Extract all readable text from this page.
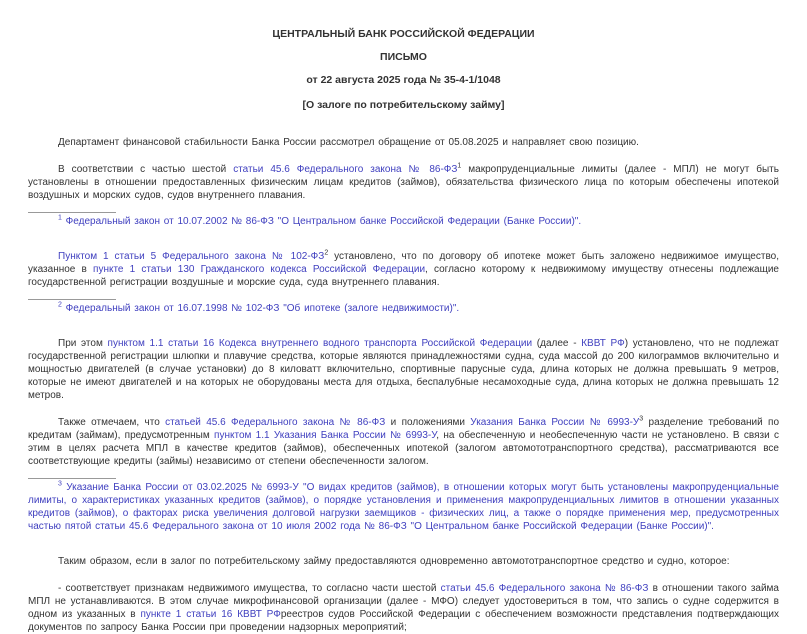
ЦЕНТРАЛЬНЫЙ БАНК РОССИЙСКОЙ ФЕДЕРАЦИИ
ПИСЬМО
от 22 августа 2025 года № 35-4-1/1048
[О залоге по потребительскому займу]

Департамент финансовой стабильности Банка России рассмотрел обращение от 05.08.2025 и направляет свою позицию.

В соответствии с частью шестой статьи 45.6 Федерального закона № $86-ФЗ^1$ макропруденциальные лимиты (далее - МПЛ) не могут быть установлены в отношении предоставленных физическим лицам кредитов (займов), обязательства физического лица по которым обеспечены ипотекой воздушных и морских судов, судов внутреннего плавания.

$^1$ Федеральный закон от 10.07.2002 № 86-ФЗ "О Центральном банке Российской Федерации (Банке России)".

Пунктом 1 статьи 5 Федерального закона № $102-ФЗ^2$ установлено, что по договору об ипотеке может быть заложено недвижимое имущество, указанное в пункте 1 статьи 130 Гражданского кодекса Российской Федерации, согласно которому к недвижимому имуществу отнесены подлежащие государственной регистрации воздушные и морские суда, суда внутреннего плавания.

$^2$ Федеральный закон от 16.07.1998 № 102-ФЗ "Об ипотеке (залоге недвижимости)".

При этом пунктом 1.1 статьи 16 Кодекса внутреннего водного транспорта Российской Федерации (далее - КВВТ РФ) установлено, что не подлежат государственной регистрации шлюпки и плавучие средства, которые являются принадлежностями судна, суда массой до 200 килограммов включительно и мощностью двигателей (в случае установки) до 8 киловатт включительно, спортивные парусные суда, длина которых не должна превышать 9 метров, которые не имеют двигателей и на которых не оборудованы места для отдыха, беспалубные несамоходные суда, длина которых не должна превышать 12 метров.

Также отмечаем, что статьей 45.6 Федерального закона № 86-ФЗ и положениями Указания Банка России № $6993-У^3$ разделение требований по кредитам (займам), предусмотренным пунктом 1.1 Указания Банка России № 6993-У, на обеспеченную и необеспеченную части не установлено. В связи с этим в целях расчета МПЛ в качестве кредитов (займов), обеспеченных ипотекой (залогом автомототранспортного средства), рассматриваются все соответствующие кредиты (займы) независимо от степени обеспеченности залогом.

$^3$ Указание Банка России от 03.02.2025 № 6993-У "О видах кредитов (займов), в отношении которых могут быть установлены макропруденциальные лимиты, о характеристиках указанных кредитов (займов), о порядке установления и применения макропруденциальных лимитов в отношении указанных кредитов (займов), о факторах риска увеличения долговой нагрузки заемщиков - физических лиц, а также о порядке применения мер, предусмотренных частью пятой статьи 45.6 Федерального закона от 10 июля 2002 года № 86-ФЗ "О Центральном банке Российской Федерации (Банке России)".

Таким образом, если в залог по потребительскому займу предоставляются одновременно автомототранспортное средство и судно, которое:

- соответствует признакам недвижимого имущества, то согласно части шестой статьи 45.6 Федерального закона № 86-ФЗ в отношении такого займа МПЛ не устанавливаются. В этом случае микрофинансовой организации (далее - МФО) следует удостовериться в том, что запись о судне содержится в одном из указанных в пункте 1 статьи 16 КВВТ РФреестров судов Российской Федерации с обеспечением возможности представления подтверждающих документов по запросу Банка России при проведении надзорных мероприятий;
